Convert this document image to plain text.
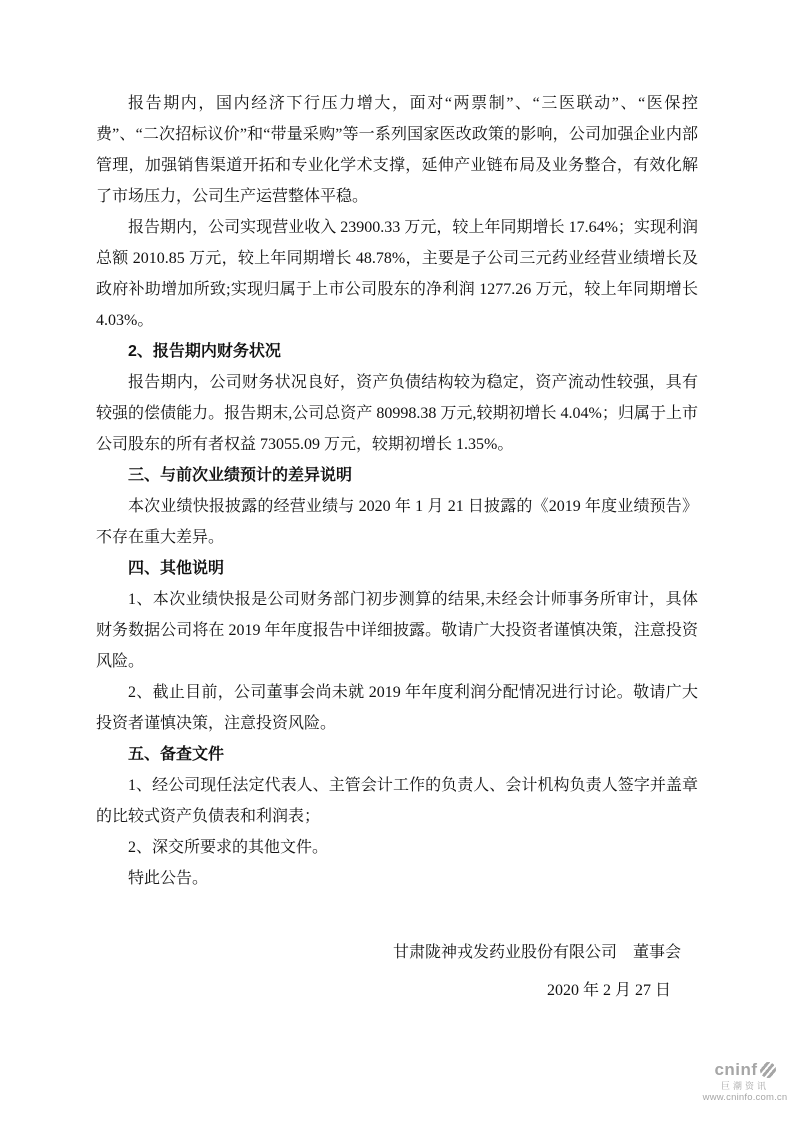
报告期内，国内经济下行压力增大，面对“两票制”、“三医联动”、“医保控费”、“二次招标议价”和“带量采购”等一系列国家医改政策的影响，公司加强企业内部管理，加强销售渠道开拓和专业化学术支撑，延伸产业链布局及业务整合，有效化解了市场压力，公司生产运营整体平稳。

报告期内，公司实现营业收入 23900.33 万元，较上年同期增长 17.64%；实现利润总额 2010.85 万元，较上年同期增长 48.78%，主要是子公司三元药业经营业绩增长及政府补助增加所致;实现归属于上市公司股东的净利润 1277.26 万元，较上年同期增长 4.03%。

2、报告期内财务状况

报告期内，公司财务状况良好，资产负债结构较为稳定，资产流动性较强，具有较强的偿债能力。报告期末,公司总资产 80998.38 万元,较期初增长 4.04%；归属于上市公司股东的所有者权益 73055.09 万元，较期初增长 1.35%。

三、与前次业绩预计的差异说明

本次业绩快报披露的经营业绩与 2020 年 1 月 21 日披露的《2019 年度业绩预告》不存在重大差异。

四、其他说明

1、本次业绩快报是公司财务部门初步测算的结果,未经会计师事务所审计，具体财务数据公司将在 2019 年年度报告中详细披露。敬请广大投资者谨慎决策，注意投资风险。

2、截止目前，公司董事会尚未就 2019 年年度利润分配情况进行讨论。敬请广大投资者谨慎决策，注意投资风险。

五、备查文件

1、经公司现任法定代表人、主管会计工作的负责人、会计机构负责人签字并盖章的比较式资产负债表和利润表；

2、深交所要求的其他文件。

特此公告。

甘肃陇神戎发药业股份有限公司　董事会

2020 年 2 月 27 日

cninf
巨潮资讯
www.cninfo.com.cn
